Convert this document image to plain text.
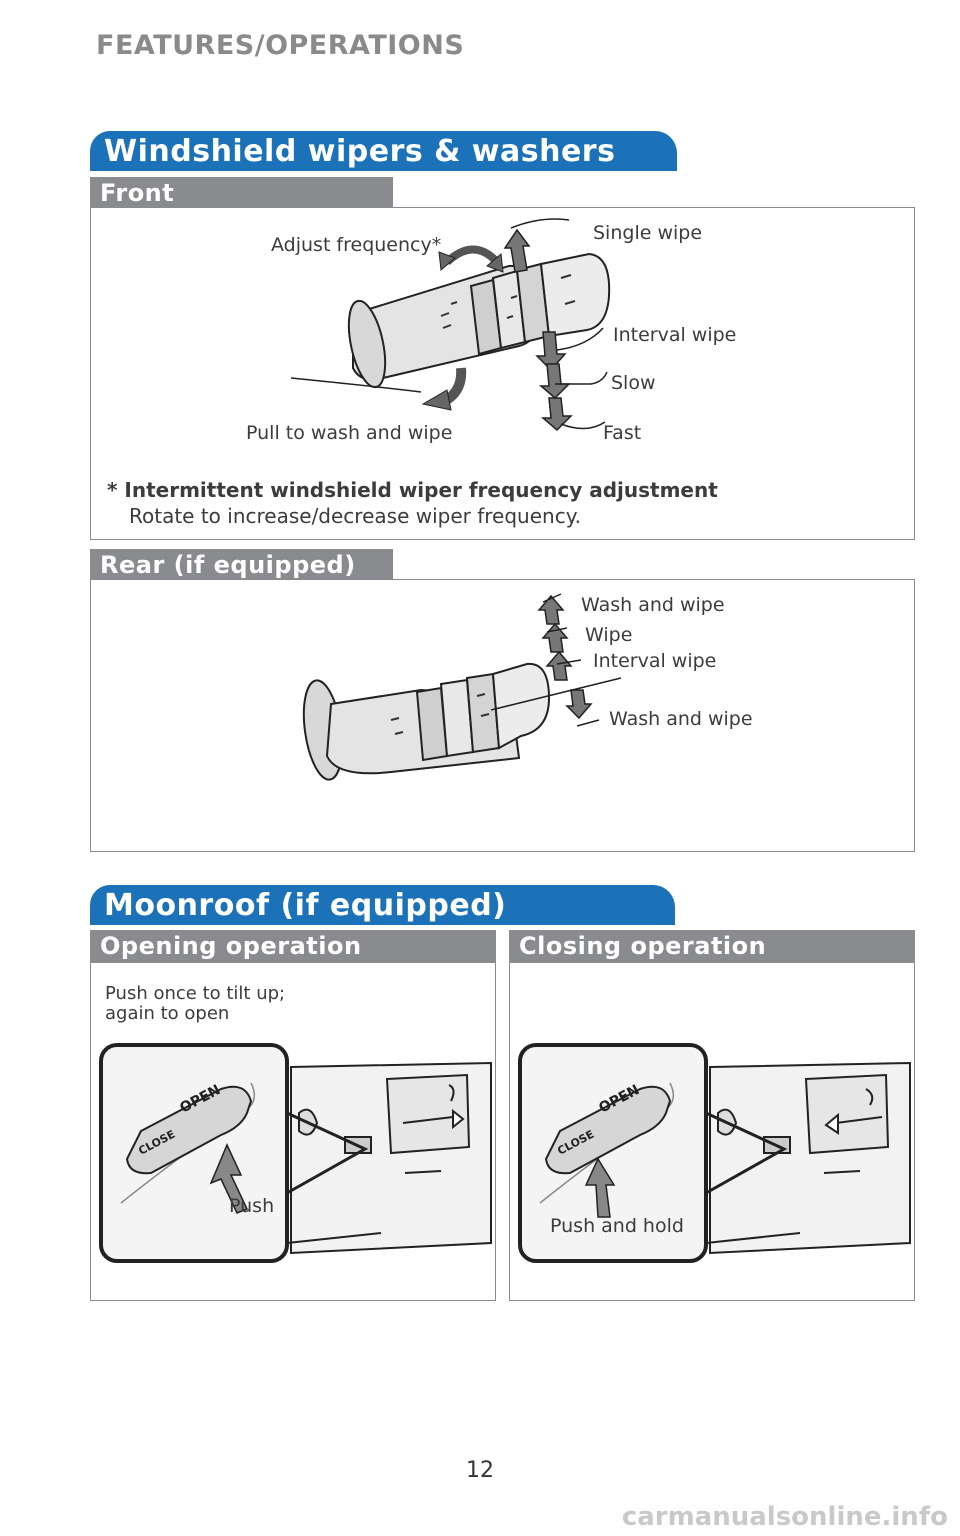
FEATURES/OPERATIONS
Windshield wipers & washers
Front
Adjust frequency*
Single wipe
Interval wipe
Slow
Pull to wash and wipe	Fast
* Intermittent windshield wiper frequency adjustment
Rotate to increase/decrease wiper frequency.
Rear (if equipped)
Wash and wipe
Wipe
Interval wipe
Wash and wipe
Moonroof (if equipped)
Opening operation	Closing operation
Push once to tilt up;
again to open
OPEN
CLOSE
Push
OPEN
CLOSE
Push and hold
12
carmanualsonline.info
